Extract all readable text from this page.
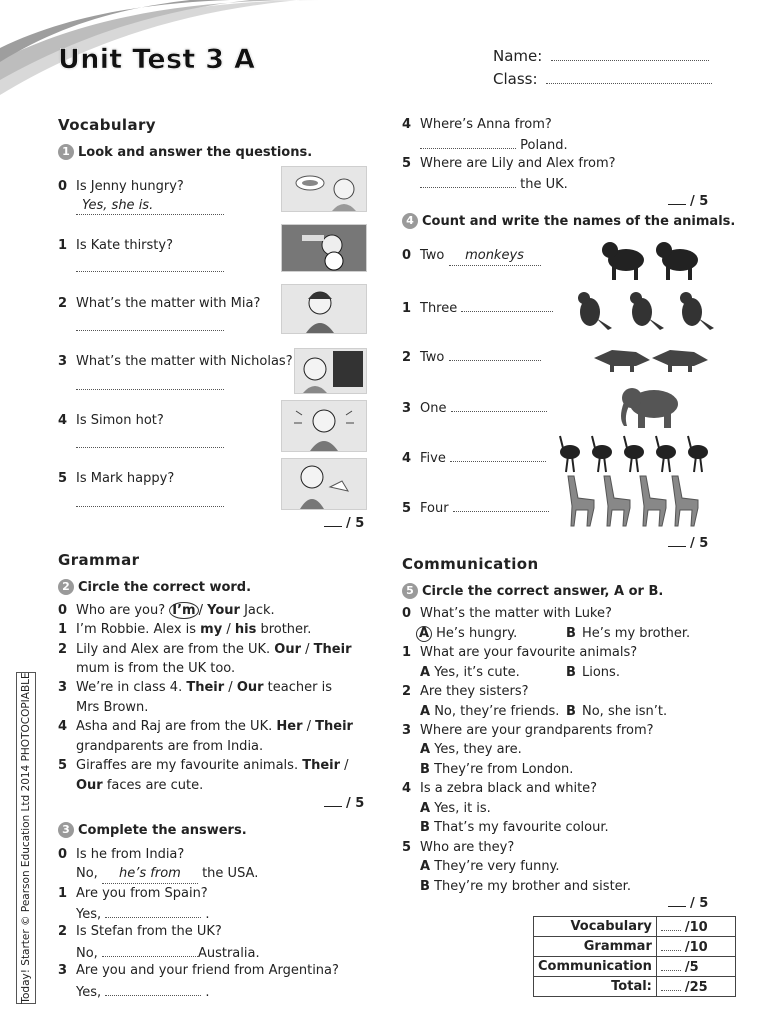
Unit Test 3 A	Name:
Class:
Vocabulary
1 Look and answer the questions.
0 Is Jenny hungry?
Yes, she is.
1 Is Kate thirsty?
2 What’s the matter with Mia?
3 What’s the matter with Nicholas?
4 Is Simon hot?
5 Is Mark happy?
/ 5
Grammar
2 Circle the correct word.
0 Who are you? I’m / Your Jack.
1 I’m Robbie. Alex is my / his brother.
2 Lily and Alex are from the UK. Our / Their
mum is from the UK too.
3 We’re in class 4. Their / Our teacher is
Mrs Brown.
4 Asha and Raj are from the UK. Her / Their
grandparents are from India.
5 Giraffes are my favourite animals. Their /
Our faces are cute.
/ 5
3 Complete the answers.
0 Is he from India?
No, he’s from the USA.
1 Are you from Spain?
Yes,	.
2 Is Stefan from the UK?
No,	Australia.
3 Are you and your friend from Argentina?
Yes,	.
Today! Starter © Pearson Education Ltd 2014 PHOTOCOPIABLE
4 Where’s Anna from?
Poland.
5 Where are Lily and Alex from?
the UK.
/ 5
4 Count and write the names of the animals.
0 Two monkeys
1 Three
2 Two
3 One
4 Five
5 Four
/ 5
Communication
5 Circle the correct answer, A or B.
0 What’s the matter with Luke?
A He’s hungry.	B He’s my brother.
1 What are your favourite animals?
A Yes, it’s cute.	B Lions.
2 Are they sisters?
A No, they’re friends. B No, she isn’t.
3 Where are your grandparents from?
A Yes, they are.
B They’re from London.
4 Is a zebra black and white?
A Yes, it is.
B That’s my favourite colour.
5 Who are they?
A They’re very funny.
B They’re my brother and sister.
/ 5
Vocabulary	/10
Grammar	/10
Communication	/5
Total:	/25
